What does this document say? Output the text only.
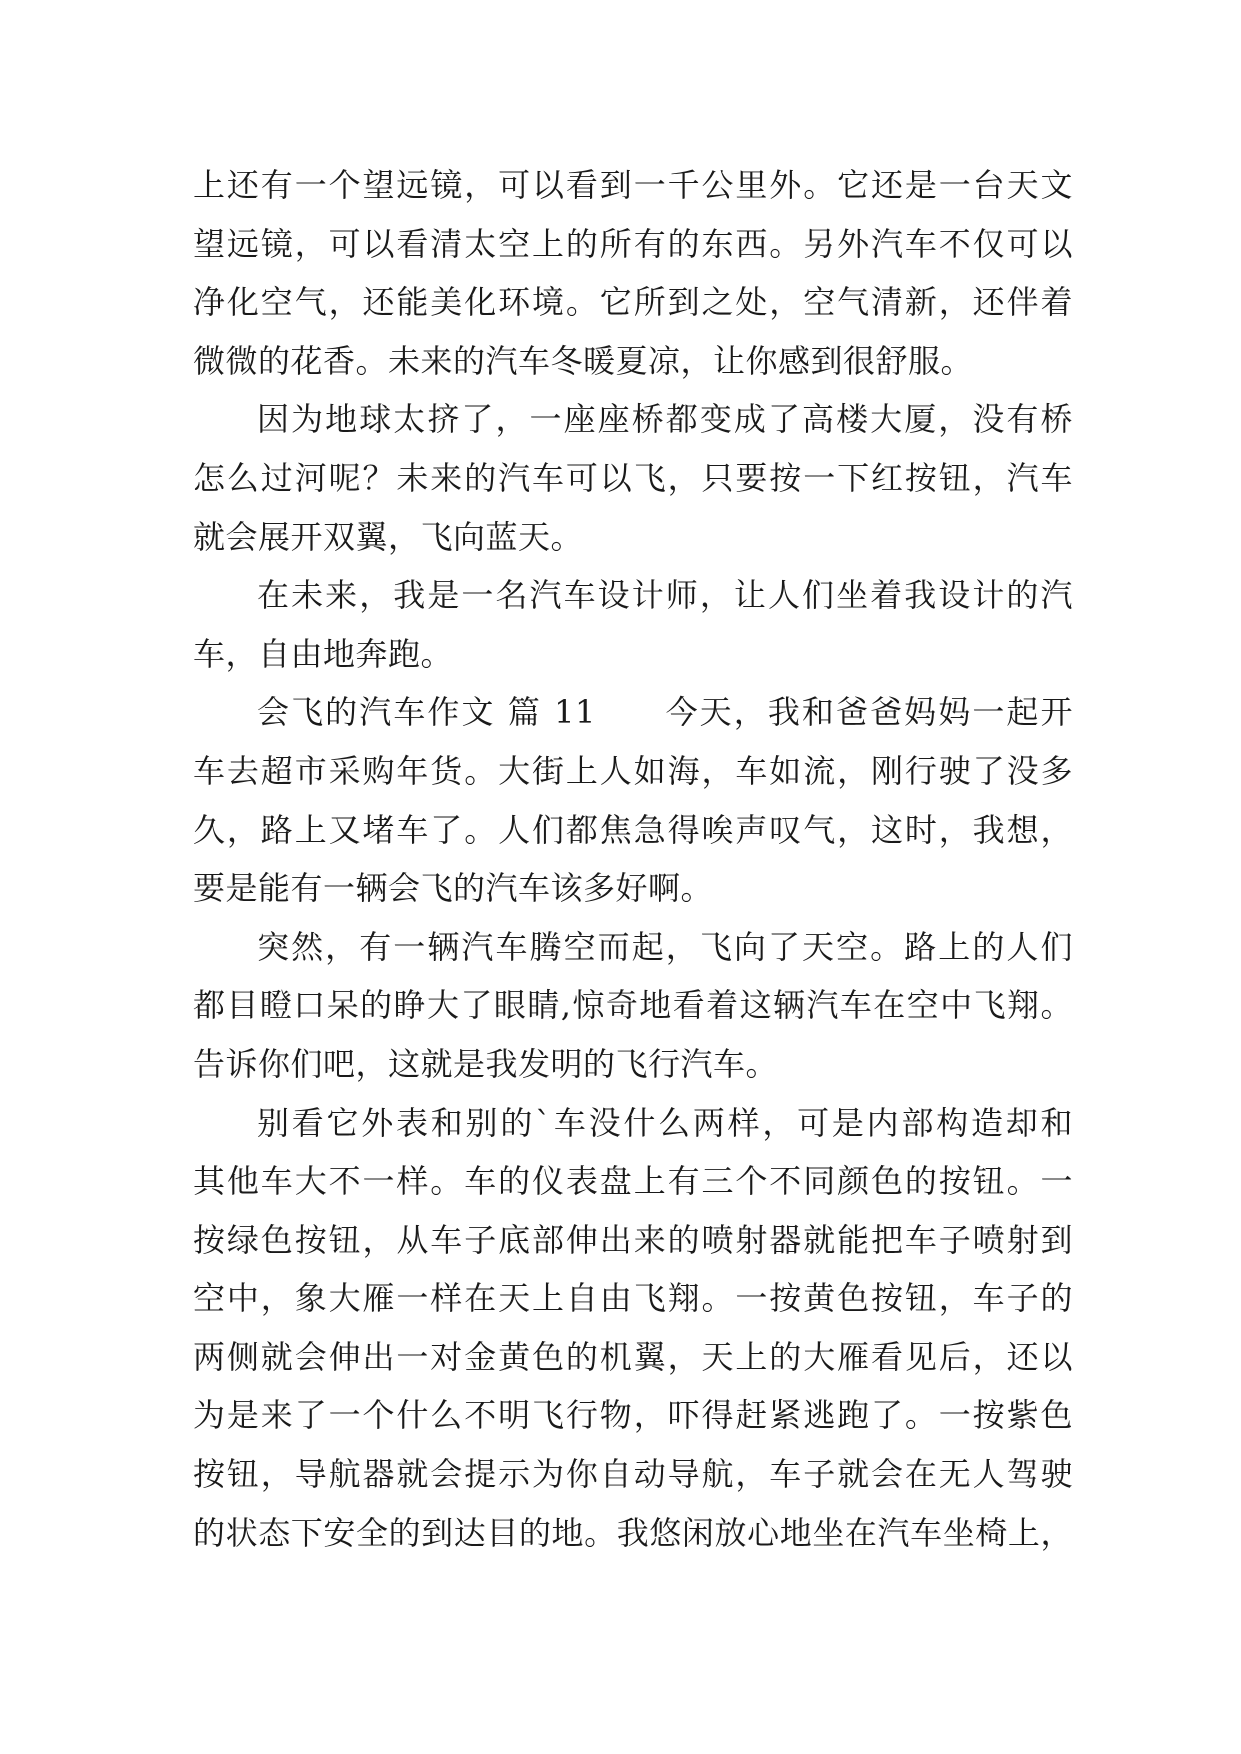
上还有一个望远镜，可以看到一千公里外。它还是一台天文
望远镜，可以看清太空上的所有的东西。另外汽车不仅可以
净化空气，还能美化环境。它所到之处，空气清新，还伴着
微微的花香。未来的汽车冬暖夏凉，让你感到很舒服。
因为地球太挤了，一座座桥都变成了高楼大厦，没有桥
怎么过河呢？未来的汽车可以飞，只要按一下红按钮，汽车
就会展开双翼，飞向蓝天。
在未来，我是一名汽车设计师，让人们坐着我设计的汽
车，自由地奔跑。
会飞的汽车作文 篇 11　　今天，我和爸爸妈妈一起开
车去超市采购年货。大街上人如海，车如流，刚行驶了没多
久，路上又堵车了。人们都焦急得唉声叹气，这时，我想，
要是能有一辆会飞的汽车该多好啊。
突然，有一辆汽车腾空而起，飞向了天空。路上的人们
都目瞪口呆的睁大了眼睛,惊奇地看着这辆汽车在空中飞翔。
告诉你们吧，这就是我发明的飞行汽车。
别看它外表和别的`车没什么两样，可是内部构造却和
其他车大不一样。车的仪表盘上有三个不同颜色的按钮。一
按绿色按钮，从车子底部伸出来的喷射器就能把车子喷射到
空中，象大雁一样在天上自由飞翔。一按黄色按钮，车子的
两侧就会伸出一对金黄色的机翼，天上的大雁看见后，还以
为是来了一个什么不明飞行物，吓得赶紧逃跑了。一按紫色
按钮，导航器就会提示为你自动导航，车子就会在无人驾驶
的状态下安全的到达目的地。我悠闲放心地坐在汽车坐椅上，
